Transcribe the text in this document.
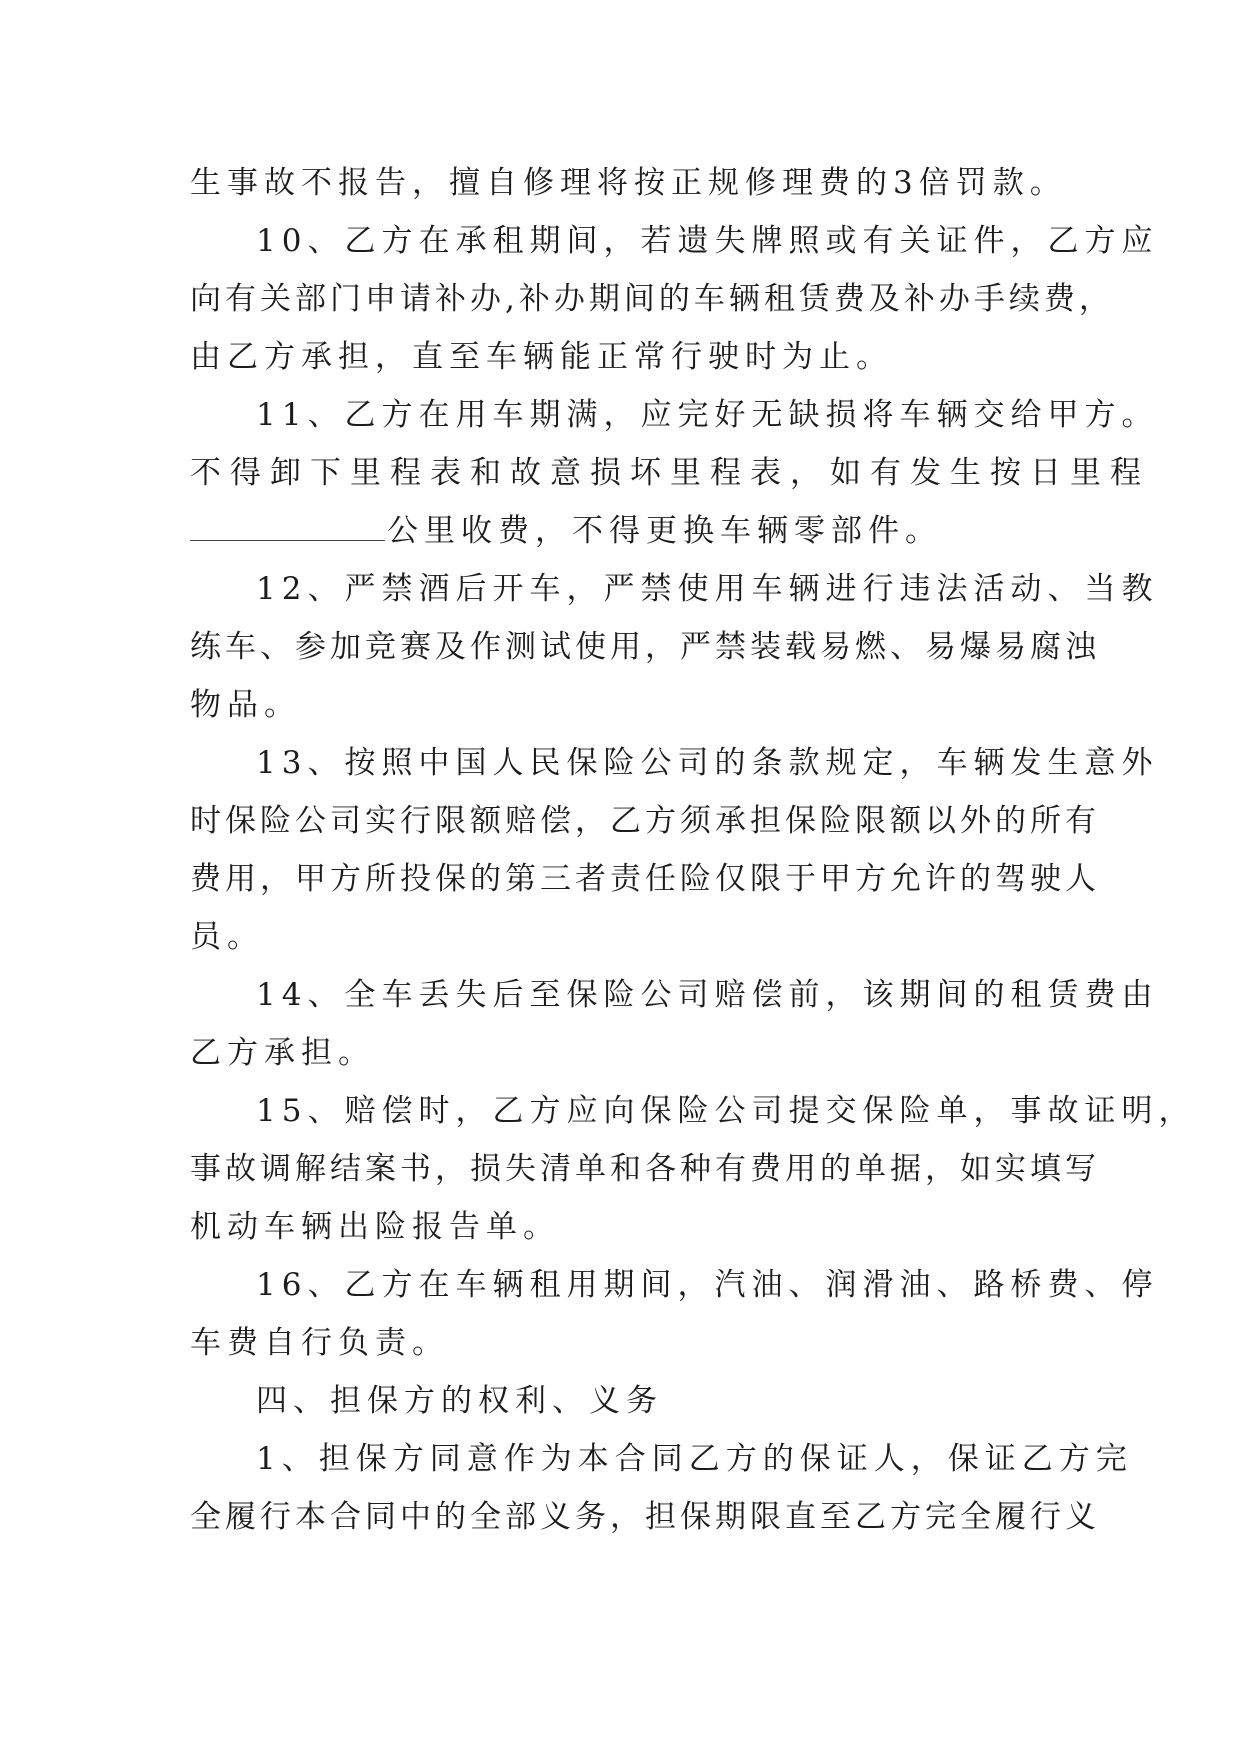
生事故不报告，擅自修理将按正规修理费的3倍罚款。
10、乙方在承租期间，若遗失牌照或有关证件，乙方应
向有关部门申请补办,补办期间的车辆租赁费及补办手续费，
由乙方承担，直至车辆能正常行驶时为止。
11、乙方在用车期满，应完好无缺损将车辆交给甲方。
不得卸下里程表和故意损坏里程表，如有发生按日里程
公里收费，不得更换车辆零部件。
12、严禁酒后开车，严禁使用车辆进行违法活动、当教
练车、参加竞赛及作测试使用，严禁装载易燃、易爆易腐浊
物品。
13、按照中国人民保险公司的条款规定，车辆发生意外
时保险公司实行限额赔偿，乙方须承担保险限额以外的所有
费用，甲方所投保的第三者责任险仅限于甲方允许的驾驶人
员。
14、全车丢失后至保险公司赔偿前，该期间的租赁费由
乙方承担。
15、赔偿时，乙方应向保险公司提交保险单，事故证明，
事故调解结案书，损失清单和各种有费用的单据，如实填写
机动车辆出险报告单。
16、乙方在车辆租用期间，汽油、润滑油、路桥费、停
车费自行负责。
四、担保方的权利、义务
1、担保方同意作为本合同乙方的保证人，保证乙方完
全履行本合同中的全部义务，担保期限直至乙方完全履行义
